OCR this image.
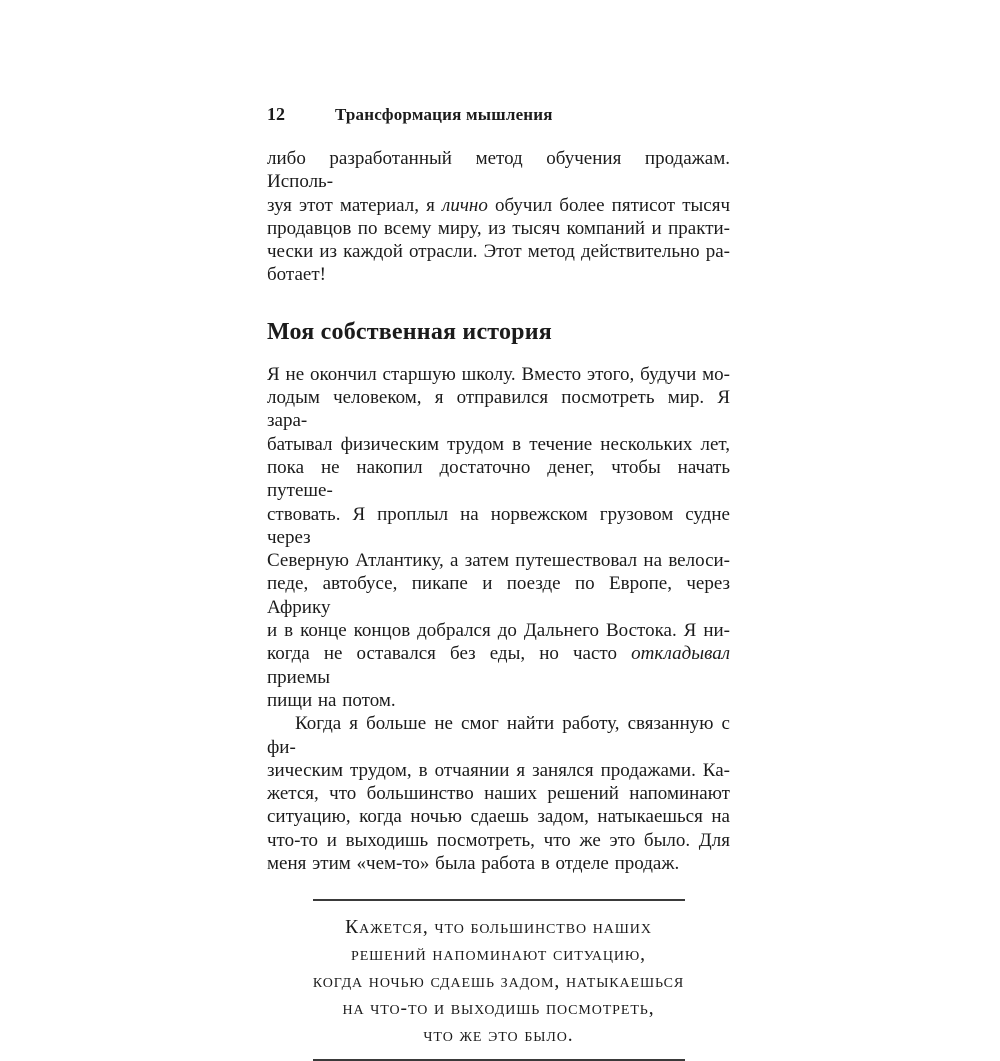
12	Трансформация мышления
либо разработанный метод обучения продажам. Исполь-
зуя этот материал, я лично обучил более пятисот тысяч
продавцов по всему миру, из тысяч компаний и практи-
чески из каждой отрасли. Этот метод действительно ра-
ботает!
Моя собственная история
Я не окончил старшую школу. Вместо этого, будучи мо-
лодым человеком, я отправился посмотреть мир. Я зара-
батывал физическим трудом в течение нескольких лет,
пока не накопил достаточно денег, чтобы начать путеше-
ствовать. Я проплыл на норвежском грузовом судне через
Северную Атлантику, а затем путешествовал на велоси-
педе, автобусе, пикапе и поезде по Европе, через Африку
и в конце концов добрался до Дальнего Востока. Я ни-
когда не оставался без еды, но часто откладывал приемы
пищи на потом.
Когда я больше не смог найти работу, связанную с фи-
зическим трудом, в отчаянии я занялся продажами. Ка-
жется, что большинство наших решений напоминают
ситуацию, когда ночью сдаешь задом, натыкаешься на
что-то и выходишь посмотреть, что же это было. Для
меня этим «чем-то» была работа в отделе продаж.
Кажется, что большинство наших
решений напоминают ситуацию,
когда ночью сдаешь задом, натыкаешься
на что-то и выходишь посмотреть,
что же это было.
